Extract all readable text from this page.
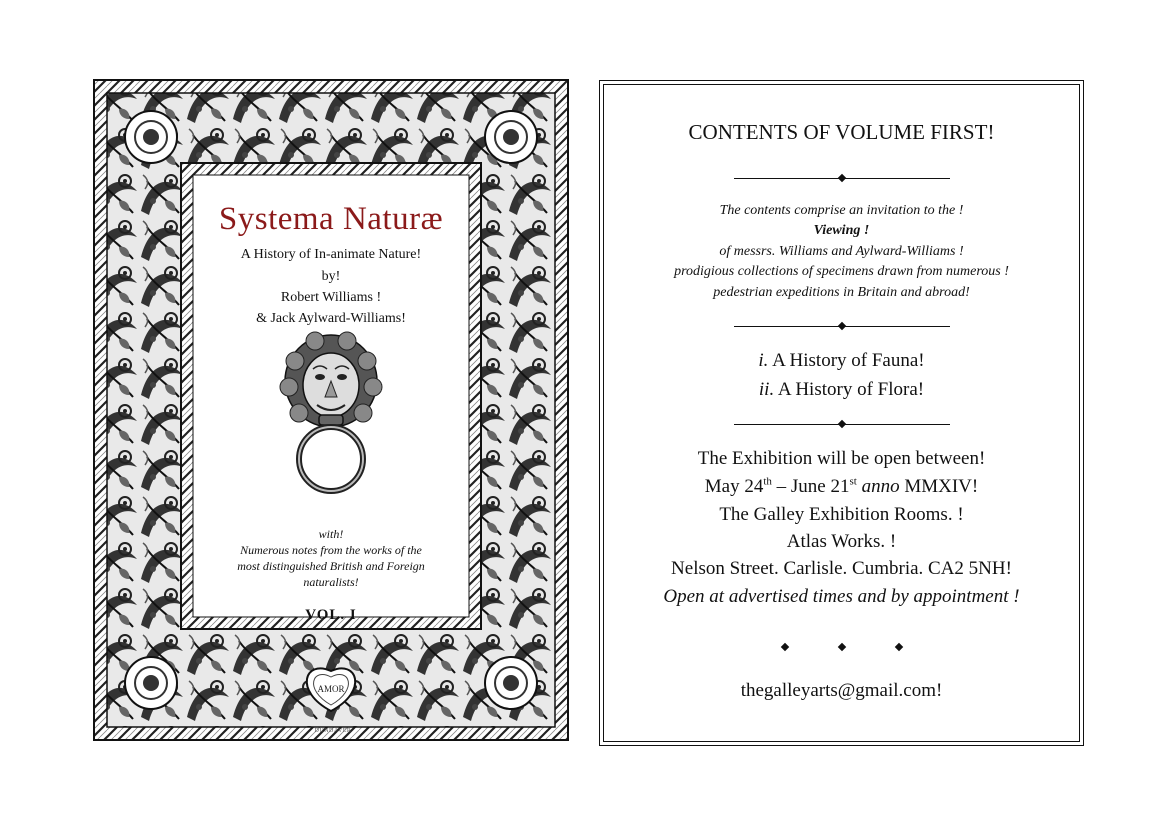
AMOR
Systema Naturæ
A History of In-animate Nature!
by!
Robert Williams !
& Jack Aylward-Williams!
with!
Numerous notes from the works of the
most distinguished British and Foreign
naturalists!
VOL. I
DUNDAVER
CONTENTS OF VOLUME FIRST!
The contents comprise an invitation to the !
Viewing !
of messrs. Williams and Aylward-Williams !
prodigious collections of specimens drawn from numerous !
pedestrian expeditions in Britain and abroad!
i. A History of Fauna!
ii. A History of Flora!
The Exhibition will be open between!
May 24th – June 21st anno MMXIV!
The Galley Exhibition Rooms. !
Atlas Works. !
Nelson Street. Carlisle. Cumbria. CA2 5NH!
Open at advertised times and by appointment !
thegalleyarts@gmail.com!
